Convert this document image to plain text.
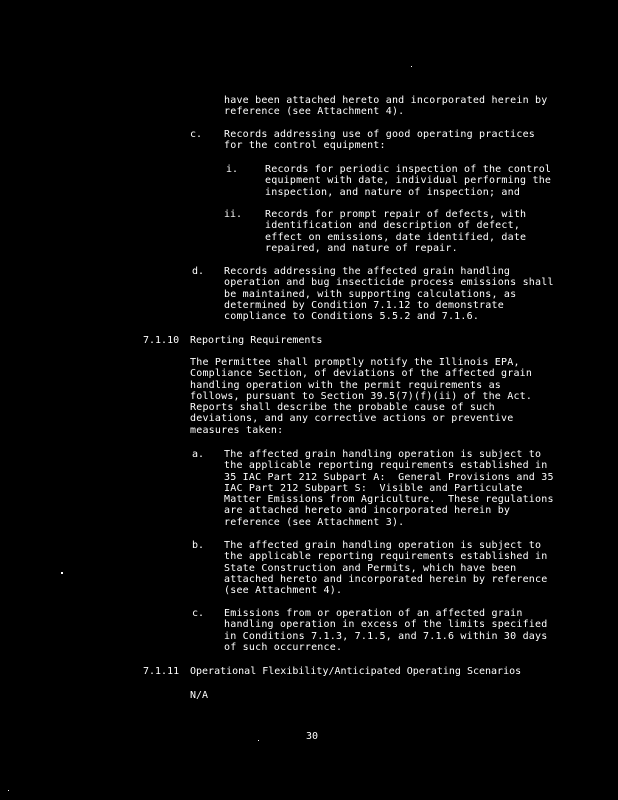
have been attached hereto and incorporated herein by
reference (see Attachment 4).
c. Records addressing use of good operating practices
for the control equipment:
i.	Records for periodic inspection of the control
equipment with date, individual performing the
inspection, and nature of inspection; and
ii. Records for prompt repair of defects, with
identification and description of defect,
effect on emissions, date identified, date
repaired, and nature of repair.
d. Records addressing the affected grain handling
operation and bug insecticide process emissions shall
be maintained, with supporting calculations, as
determined by Condition 7.1.12 to demonstrate
compliance to Conditions 5.5.2 and 7.1.6.
7.1.10 Reporting Requirements
The Permittee shall promptly notify the Illinois EPA,
Compliance Section, of deviations of the affected grain
handling operation with the permit requirements as
follows, pursuant to Section 39.5(7)(f)(ii) of the Act.
Reports shall describe the probable cause of such
deviations, and any corrective actions or preventive
measures taken:
a. The affected grain handling operation is subject to
the applicable reporting requirements established in
35 IAC Part 212 Subpart A:  General Provisions and 35
IAC Part 212 Subpart S:  Visible and Particulate
Matter Emissions from Agriculture.  These regulations
are attached hereto and incorporated herein by
reference (see Attachment 3).
b. The affected grain handling operation is subject to
the applicable reporting requirements established in
State Construction and Permits, which have been
attached hereto and incorporated herein by reference
(see Attachment 4).
c. Emissions from or operation of an affected grain
handling operation in excess of the limits specified
in Conditions 7.1.3, 7.1.5, and 7.1.6 within 30 days
of such occurrence.
7.1.11 Operational Flexibility/Anticipated Operating Scenarios
N/A
30
